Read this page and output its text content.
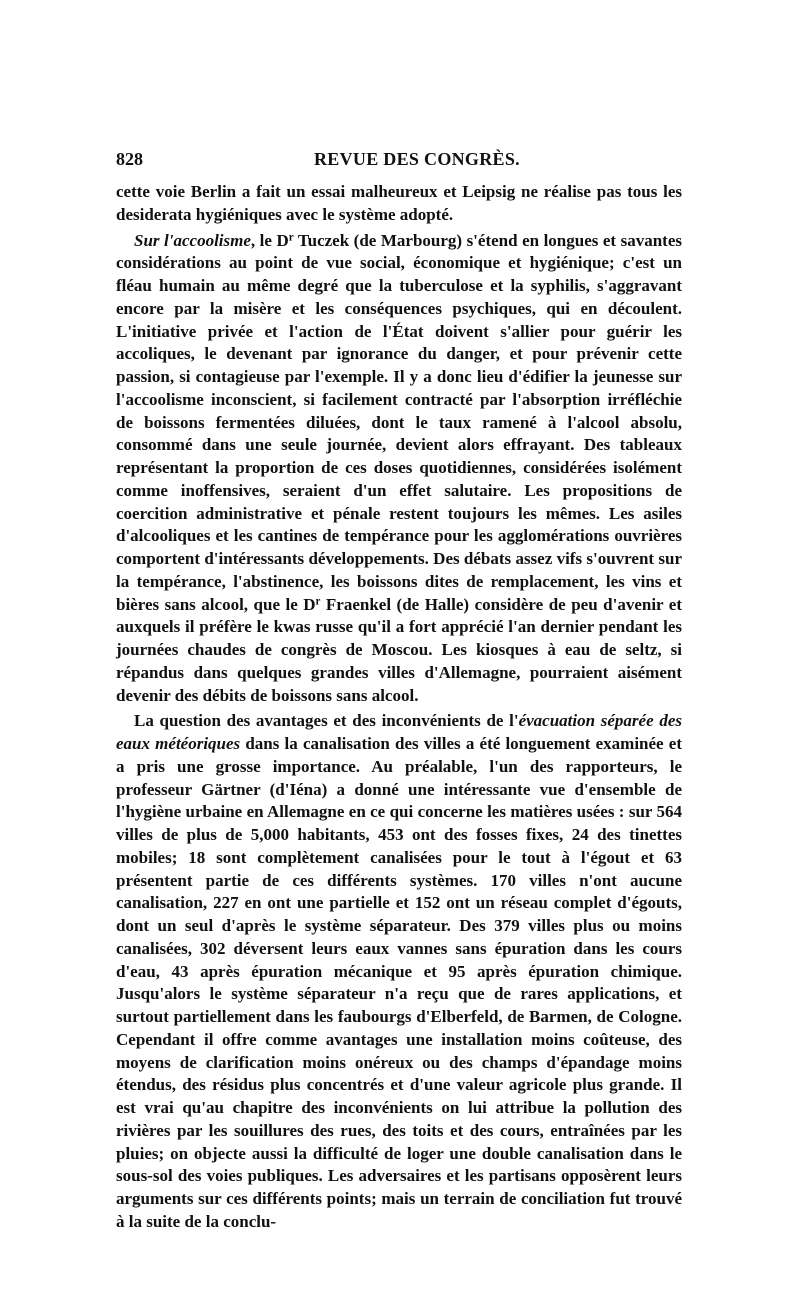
828	REVUE DES CONGRÈS.

cette voie Berlin a fait un essai malheureux et Leipsig ne réalise pas tous les desiderata hygiéniques avec le système adopté.

Sur l'accoolisme, le $D^r$ Tuczek (de Marbourg) s'étend en longues et savantes considérations au point de vue social, économique et hygiénique; c'est un fléau humain au même degré que la tuberculose et la syphilis, s'aggravant encore par la misère et les conséquences psychiques, qui en découlent. L'initiative privée et l'action de l'État doivent s'allier pour guérir les accoliques, le devenant par ignorance du danger, et pour prévenir cette passion, si contagieuse par l'exemple. Il y a donc lieu d'édifier la jeunesse sur l'accoolisme inconscient, si facilement contracté par l'absorption irréfléchie de boissons fermentées diluées, dont le taux ramené à l'alcool absolu, consommé dans une seule journée, devient alors effrayant. Des tableaux représentant la proportion de ces doses quotidiennes, considérées isolément comme inoffensives, seraient d'un effet salutaire. Les propositions de coercition administrative et pénale restent toujours les mêmes. Les asiles d'alcooliques et les cantines de tempérance pour les agglomérations ouvrières comportent d'intéressants développements. Des débats assez vifs s'ouvrent sur la tempérance, l'abstinence, les boissons dites de remplacement, les vins et bières sans alcool, que le $D^r$ Fraenkel (de Halle) considère de peu d'avenir et auxquels il préfère le kwas russe qu'il a fort apprécié l'an dernier pendant les journées chaudes de congrès de Moscou. Les kiosques à eau de seltz, si répandus dans quelques grandes villes d'Allemagne, pourraient aisément devenir des débits de boissons sans alcool.

La question des avantages et des inconvénients de l'évacuation séparée des eaux météoriques dans la canalisation des villes a été longuement examinée et a pris une grosse importance. Au préalable, l'un des rapporteurs, le professeur Gärtner (d'Iéna) a donné une intéressante vue d'ensemble de l'hygiène urbaine en Allemagne en ce qui concerne les matières usées : sur 564 villes de plus de 5,000 habitants, 453 ont des fosses fixes, 24 des tinettes mobiles; 18 sont complètement canalisées pour le tout à l'égout et 63 présentent partie de ces différents systèmes. 170 villes n'ont aucune canalisation, 227 en ont une partielle et 152 ont un réseau complet d'égouts, dont un seul d'après le système séparateur. Des 379 villes plus ou moins canalisées, 302 déversent leurs eaux vannes sans épuration dans les cours d'eau, 43 après épuration mécanique et 95 après épuration chimique. Jusqu'alors le système séparateur n'a reçu que de rares applications, et surtout partiellement dans les faubourgs d'Elberfeld, de Barmen, de Cologne. Cependant il offre comme avantages une installation moins coûteuse, des moyens de clarification moins onéreux ou des champs d'épandage moins étendus, des résidus plus concentrés et d'une valeur agricole plus grande. Il est vrai qu'au chapitre des inconvénients on lui attribue la pollution des rivières par les souillures des rues, des toits et des cours, entraînées par les pluies; on objecte aussi la difficulté de loger une double canalisation dans le sous-sol des voies publiques. Les adversaires et les partisans opposèrent leurs arguments sur ces différents points; mais un terrain de conciliation fut trouvé à la suite de la conclu-
